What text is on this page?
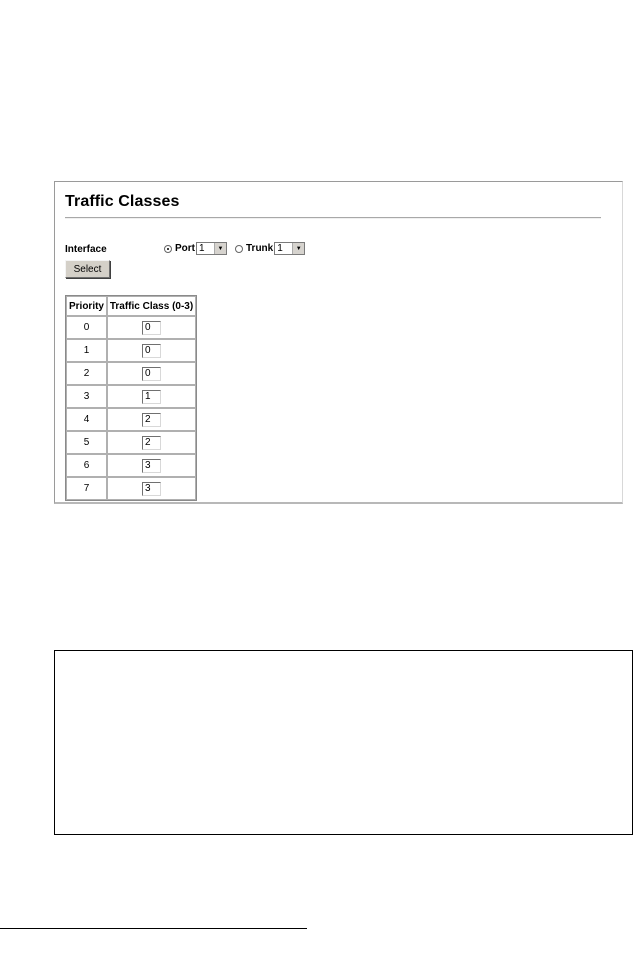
Traffic Classes
Interface	Port 1	▼ Trunk 1	▼
Select
Priority	Traffic Class (0-3)
0	0
1	0
2	0
3	1
4	2
5	2
6	3
7	3
